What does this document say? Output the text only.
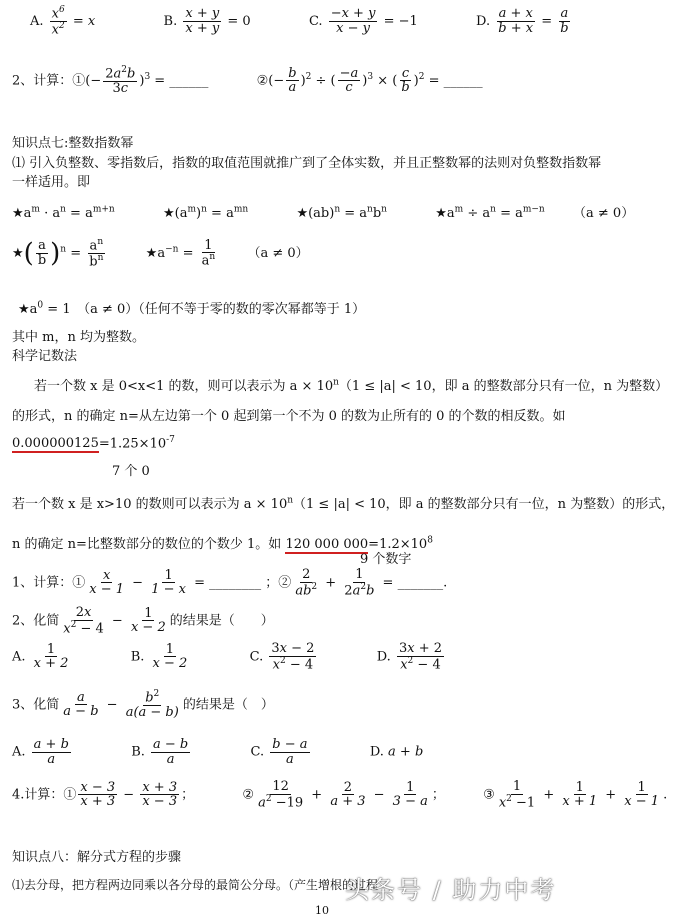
A. $\frac{x^6}{x^2} = x$	B. $\frac{x + y}{x + y} = 0$	C. $\frac{-x + y}{x - y} = -1$	D. $\frac{a + x}{b + x} = \frac{a}{b}$
2、计算：①(− $\frac{2a^2b}{3c} )^3$ = ______	②(− $\frac{b}{a} )^2$ ÷ ( $\frac{-a}{c} )^3$ × ( $\frac{c}{b} )^2$ = ______
知识点七:整数指数幂
⑴ 引入负整数、零指数后，指数的取值范围就推广到了全体实数，并且正整数幂的法则对负整数指数幂
一样适用。即
$★a^m \cdot a^n = a^{m+n}$	$★(a^m)^n = a^{mn}$	★(ab)$^n$ = $a^nb^n$	$★a^m \div a^n = a^{m-n}$ （a ≠ 0）
★( $\frac{a}{b} )^n = \frac{a^n}{b^n}$	$★a^{-n} = \frac{1}{a^n} (a \ne 0)$
$★a^0 = 1$　（a ≠ 0）（任何不等于零的数的零次幂都等于 1）
其中 m，n 均为整数。
科学记数法
若一个数 x 是 0<x<1 的数，则可以表示为 $a \times 10^n(1 \le |a| < 10$，即 a 的整数部分只有一位，n 为整数）
的形式，n 的确定 n=从左边第一个 0 起到第一个不为 0 的数为止所有的 0 的个数的相反数。如
$0.000000125=1.25\times 10^{-7}$
7 个 0
若一个数 x 是 x>10 的数则可以表示为 $a \times 10^n(1 \le |a| < 10$，即 a 的整数部分只有一位，n 为整数）的形式，
n 的确定 n=比整数部分的数位的个数少 1。如 120 000 $000=1.2\times 10^8$
9 个数字
1、计算：① $\frac{x}{x - 1} - \frac{1}{1 - x}$ = ________ ；② $\frac{2}{ab^2} + \frac{1}{2a^2b}$ = _______.
2、化简 $\frac{2x}{x^2 - 4} - \frac{1}{x - 2}$ 的结果是（　　）
A. $\frac{1}{x + 2}$	B. $\frac{1}{x - 2}$	C. $\frac{3x - 2}{x^2 - 4}$	D. $\frac{3x + 2}{x^2 - 4}$
3、化简 $\frac{a}{a - b} - \frac{b^2}{a(a - b)}$ 的结果是（　）
A. $\frac{a + b}{a}$	B. $\frac{a - b}{a}$	C. $\frac{b - a}{a}$	D. a + b
4.计算：① $\frac{x - 3}{x + 3} - \frac{x + 3}{x - 3}$ ；	② $\frac{12}{a^2 -19} + \frac{2}{a + 3} - \frac{1}{3 - a}$ ；	③ $\frac{1}{x^2 -1} + \frac{1}{x + 1} + \frac{1}{x - 1}$ .
知识点八：解分式方程的步骤
⑴去分母，把方程两边同乘以各分母的最简公分母。（产生增根的过程
10
头条号 / 助力中考
